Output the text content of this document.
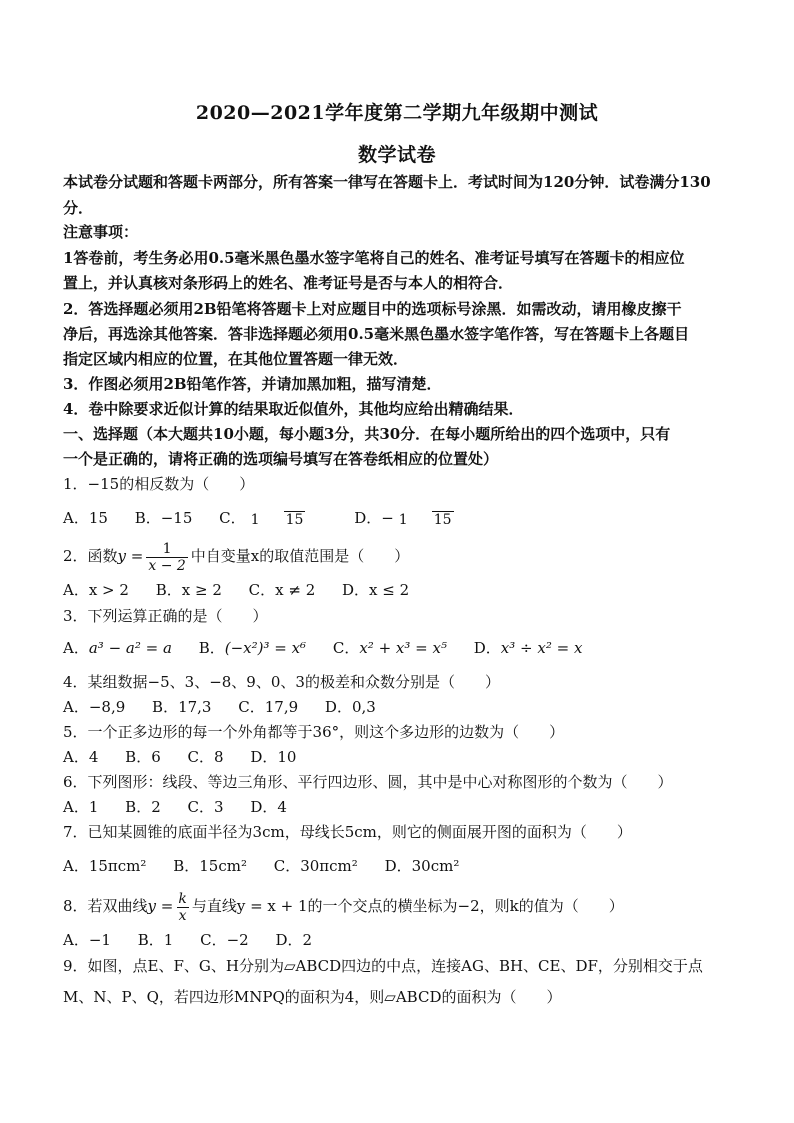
2020—2021学年度第二学期九年级期中测试
数学试卷
本试卷分试题和答题卡两部分，所有答案一律写在答题卡上．考试时间为120分钟．试卷满分130
分．
注意事项：
1答卷前，考生务必用0.5毫米黑色墨水签字笔将自己的姓名、准考证号填写在答题卡的相应位
置上，并认真核对条形码上的姓名、准考证号是否与本人的相符合．
2．答选择题必须用2B铅笔将答题卡上对应题目中的选项标号涂黑．如需改动，请用橡皮擦干
净后，再选涂其他答案．答非选择题必须用0.5毫米黑色墨水签字笔作答，写在答题卡上各题目
指定区域内相应的位置，在其他位置答题一律无效．
3．作图必须用2B铅笔作答，并请加黑加粗，描写清楚．
4．卷中除要求近似计算的结果取近似值外，其他均应给出精确结果．
一、选择题（本大题共10小题，每小题3分，共30分．在每小题所给出的四个选项中，只有
一个是正确的，请将正确的选项编号填写在答卷纸相应的位置处）
1．−15的相反数为（　　）
A．15 B．−15 C． 1 15	D．− 1 15
2．函数$y = \frac{1}{x - 2}$ 中自变量x的取值范围是（　　）
A．x > 2 B．x ≥ 2 C．x ≠ 2 D．x ≤ 2
3．下列运算正确的是（　　）
A．a³ − a² = a B．(−x²)³ = x⁶ C．x² + x³ = x⁵ D．x³ ÷ x² = x
4．某组数据−5、3、−8、9、0、3的极差和众数分别是（　　）
A．−8,9 B．17,3 C．17,9 D．0,3
5．一个正多边形的每一个外角都等于36°，则这个多边形的边数为（　　）
A．4 B．6 C．8 D．10
6．下列图形：线段、等边三角形、平行四边形、圆，其中是中心对称图形的个数为（　　）
A．1 B．2 C．3 D．4
7．已知某圆锥的底面半径为3cm，母线长5cm，则它的侧面展开图的面积为（　　）
A．15πcm² B．15cm² C．30πcm² D．30cm²
8．若双曲线$y = \frac{k}{x}$ 与直线y = x + 1的一个交点的横坐标为−2，则k的值为（　　）
A．−1 B．1 C．−2 D．2
9．如图，点E、F、G、H分别为▱ABCD四边的中点，连接AG、BH、CE、DF，分别相交于点
M、N、P、Q，若四边形MNPQ的面积为4，则▱ABCD的面积为（　　）
